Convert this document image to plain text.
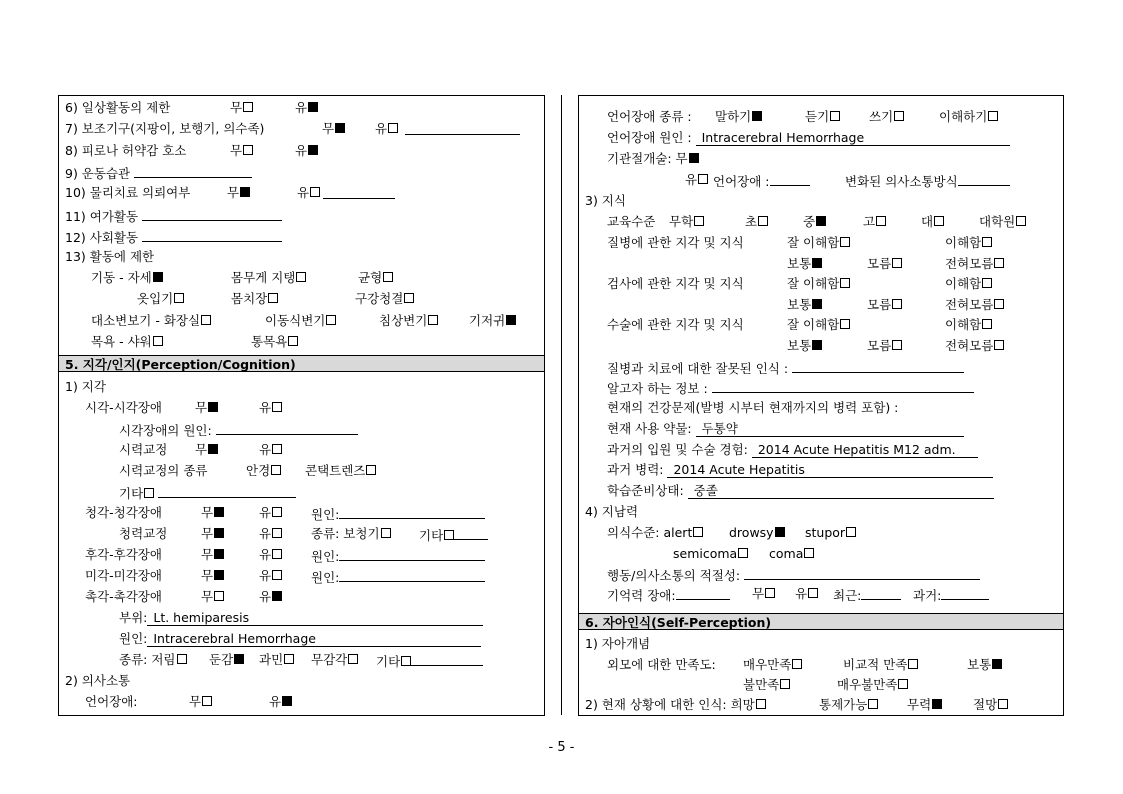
6) 일상활동의 제한	무	유
7) 보조기구(지팡이, 보행기, 의수족)	무	유
8) 피로나 허약감 호소	무	유
9) 운동습관
10) 물리치료 의뢰여부	무	유
11) 여가활동
12) 사회활동
13) 활동에 제한
기동 - 자세	몸무게 지탱	균형
옷입기	몸치장	구강청결
대소변보기 - 화장실	이동식변기	침상변기	기저귀
목욕 - 샤워	통목욕
5. 지각/인지(Perception/Cognition)
1) 지각
시각-시각장애	무	유
시각장애의 원인:
시력교정 무	유
시력교정의 종류	안경	콘택트렌즈
기타
청각-청각장애	무	유	원인:
청력교정	무	유	종류: 보청기	기타
후각-후각장애	무	유	원인:
미각-미각장애	무	유	원인:
촉각-촉각장애	무	유
부위: Lt. hemiparesis
원인: Intracerebral Hemorrhage
종류: 저림	둔감	과민	무감각	기타
2) 의사소통
언어장애:	무	유
언어장애 종류 : 말하기	듣기	쓰기	이해하기
언어장애 원인 : Intracerebral Hemorrhage
기관절개술: 무
유 언어장애 :	변화된 의사소통방식
3) 지식
교육수준 무학	초	중	고	대	대학원
질병에 관한 지각 및 지식	잘 이해함	이해함
보통	모름	전혀모름
검사에 관한 지각 및 지식	잘 이해함	이해함
보통	모름	전혀모름
수술에 관한 지각 및 지식	잘 이해함	이해함
보통	모름	전혀모름
질병과 치료에 대한 잘못된 인식 :
알고자 하는 정보 :
현재의 건강문제(발병 시부터 현재까지의 병력 포함) :
현재 사용 약물: 두통약
과거의 입원 및 수술 경험: 2014 Acute Hepatitis M12 adm.
과거 병력: 2014 Acute Hepatitis
학습준비상태: 중졸
4) 지남력
의식수준: alert	drowsy	stupor
semicoma	coma
행동/의사소통의 적절성:
기억력 장애:	무	유	최근:	과거:
6. 자아인식(Self-Perception)
1) 자아개념
외모에 대한 만족도: 매우만족	비교적 만족	보통
불만족	매우불만족
2) 현재 상황에 대한 인식: 희망	통제가능	무력	절망
- 5 -
